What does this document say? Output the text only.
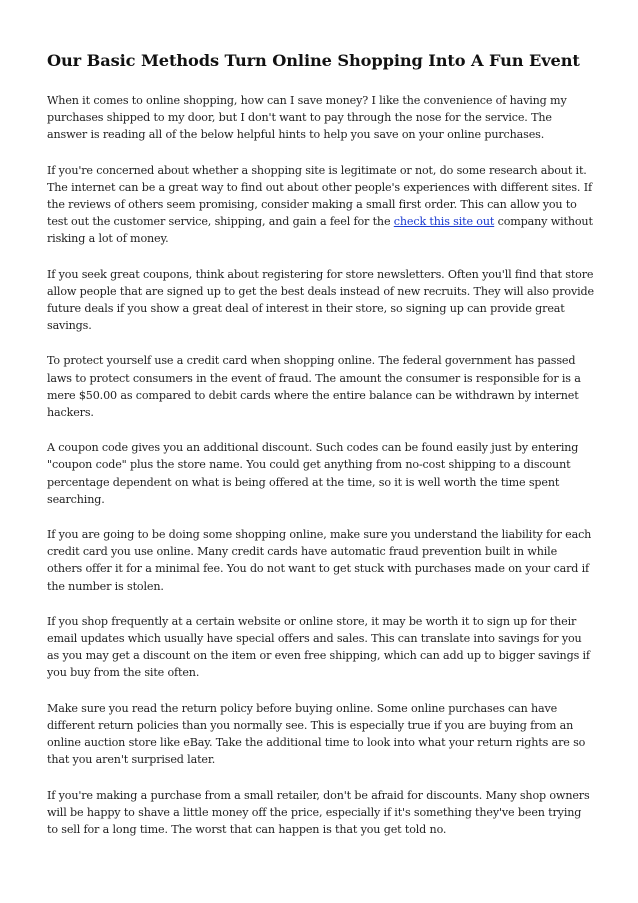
Our Basic Methods Turn Online Shopping Into A Fun Event

When it comes to online shopping, how can I save money? I like the convenience of having my purchases shipped to my door, but I don't want to pay through the nose for the service. The answer is reading all of the below helpful hints to help you save on your online purchases.

If you're concerned about whether a shopping site is legitimate or not, do some research about it. The internet can be a great way to find out about other people's experiences with different sites. If the reviews of others seem promising, consider making a small first order. This can allow you to test out the customer service, shipping, and gain a feel for the check this site out company without risking a lot of money.

If you seek great coupons, think about registering for store newsletters. Often you'll find that store allow people that are signed up to get the best deals instead of new recruits. They will also provide future deals if you show a great deal of interest in their store, so signing up can provide great savings.

To protect yourself use a credit card when shopping online. The federal government has passed laws to protect consumers in the event of fraud. The amount the consumer is responsible for is a mere $50.00 as compared to debit cards where the entire balance can be withdrawn by internet hackers.

A coupon code gives you an additional discount. Such codes can be found easily just by entering "coupon code" plus the store name. You could get anything from no-cost shipping to a discount percentage dependent on what is being offered at the time, so it is well worth the time spent searching.

If you are going to be doing some shopping online, make sure you understand the liability for each credit card you use online. Many credit cards have automatic fraud prevention built in while others offer it for a minimal fee. You do not want to get stuck with purchases made on your card if the number is stolen.

If you shop frequently at a certain website or online store, it may be worth it to sign up for their email updates which usually have special offers and sales. This can translate into savings for you as you may get a discount on the item or even free shipping, which can add up to bigger savings if you buy from the site often.

Make sure you read the return policy before buying online. Some online purchases can have different return policies than you normally see. This is especially true if you are buying from an online auction store like eBay. Take the additional time to look into what your return rights are so that you aren't surprised later.

If you're making a purchase from a small retailer, don't be afraid for discounts. Many shop owners will be happy to shave a little money off the price, especially if it's something they've been trying to sell for a long time. The worst that can happen is that you get told no.
